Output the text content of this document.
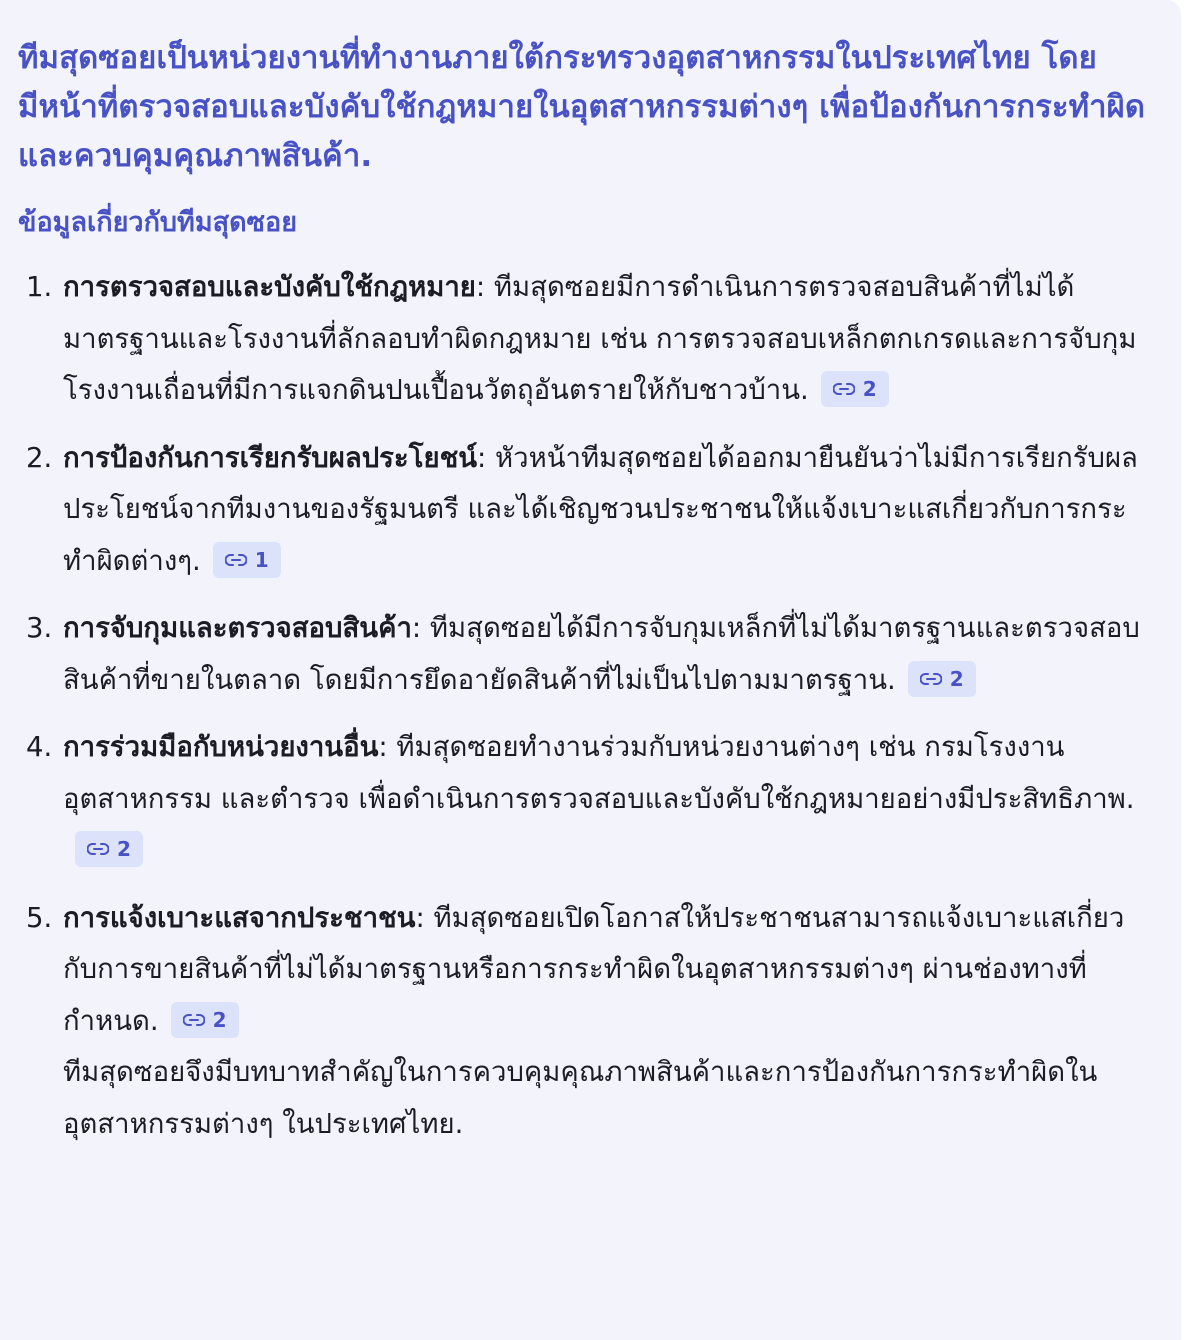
ทีมสุดซอยเป็นหน่วยงานที่ทำงานภายใต้กระทรวงอุตสาหกรรมในประเทศไทย โดยมีหน้าที่ตรวจสอบและบังคับใช้กฎหมายในอุตสาหกรรมต่างๆ เพื่อป้องกันการกระทำผิดและควบคุมคุณภาพสินค้า.

ข้อมูลเกี่ยวกับทีมสุดซอย
1. การตรวจสอบและบังคับใช้กฎหมาย: ทีมสุดซอยมีการดำเนินการตรวจสอบสินค้าที่ไม่ได้มาตรฐานและโรงงานที่ลักลอบทำผิดกฎหมาย เช่น การตรวจสอบเหล็กตกเกรดและการจับกุมโรงงานเถื่อนที่มีการแจกดินปนเปื้อนวัตถุอันตรายให้กับชาวบ้าน.	2
2. การป้องกันการเรียกรับผลประโยชน์: หัวหน้าทีมสุดซอยได้ออกมายืนยันว่าไม่มีการเรียกรับผลประโยชน์จากทีมงานของรัฐมนตรี และได้เชิญชวนประชาชนให้แจ้งเบาะแสเกี่ยวกับการกระทำผิดต่างๆ.	1
3. การจับกุมและตรวจสอบสินค้า: ทีมสุดซอยได้มีการจับกุมเหล็กที่ไม่ได้มาตรฐานและตรวจสอบสินค้าที่ขายในตลาด โดยมีการยึดอายัดสินค้าที่ไม่เป็นไปตามมาตรฐาน.	2
4. การร่วมมือกับหน่วยงานอื่น: ทีมสุดซอยทำงานร่วมกับหน่วยงานต่างๆ เช่น กรมโรงงานอุตสาหกรรม และตำรวจ เพื่อดำเนินการตรวจสอบและบังคับใช้กฎหมายอย่างมีประสิทธิภาพ.
2
5. การแจ้งเบาะแสจากประชาชน: ทีมสุดซอยเปิดโอกาสให้ประชาชนสามารถแจ้งเบาะแสเกี่ยวกับการขายสินค้าที่ไม่ได้มาตรฐานหรือการกระทำผิดในอุตสาหกรรมต่างๆ ผ่านช่องทางที่กำหนด.	2
ทีมสุดซอยจึงมีบทบาทสำคัญในการควบคุมคุณภาพสินค้าและการป้องกันการกระทำผิดในอุตสาหกรรมต่างๆ ในประเทศไทย.
